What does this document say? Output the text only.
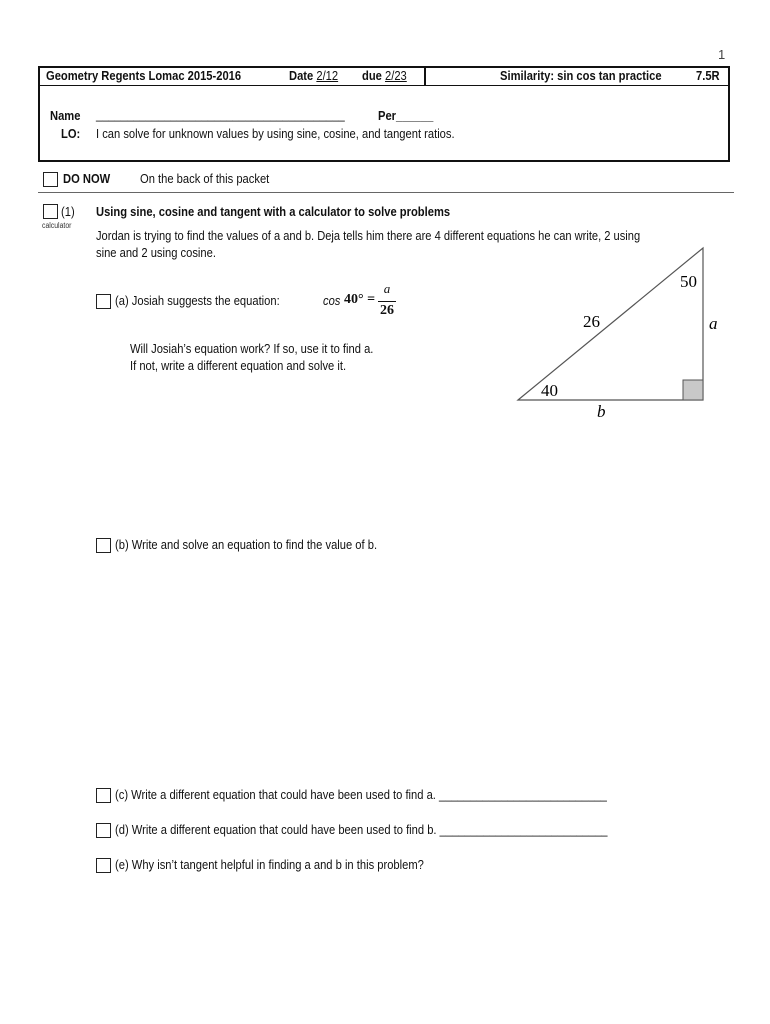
1
Geometry Regents Lomac 2015-2016	Date 2/12	due 2/23	Similarity: sin cos tan practice	7.5R
Name	________________________________________	Per______
LO: I can solve for unknown values by using sine, cosine, and tangent ratios.
DO NOW	On the back of this packet
(1)
calculator
Using sine, cosine and tangent with a calculator to solve problems
Jordan is trying to find the values of a and b. Deja tells him there are 4 different equations he can write, 2 using
sine and 2 using cosine.
(a) Josiah suggests the equation:	cos 40° =
a
26
Will Josiah’s equation work? If so, use it to find a.
If not, write a different equation and solve it.
26
50
40
a
b
(b) Write and solve an equation to find the value of b.
(c) Write a different equation that could have been used to find a. ___________________________
(d) Write a different equation that could have been used to find b. ___________________________
(e) Why isn’t tangent helpful in finding a and b in this problem?
